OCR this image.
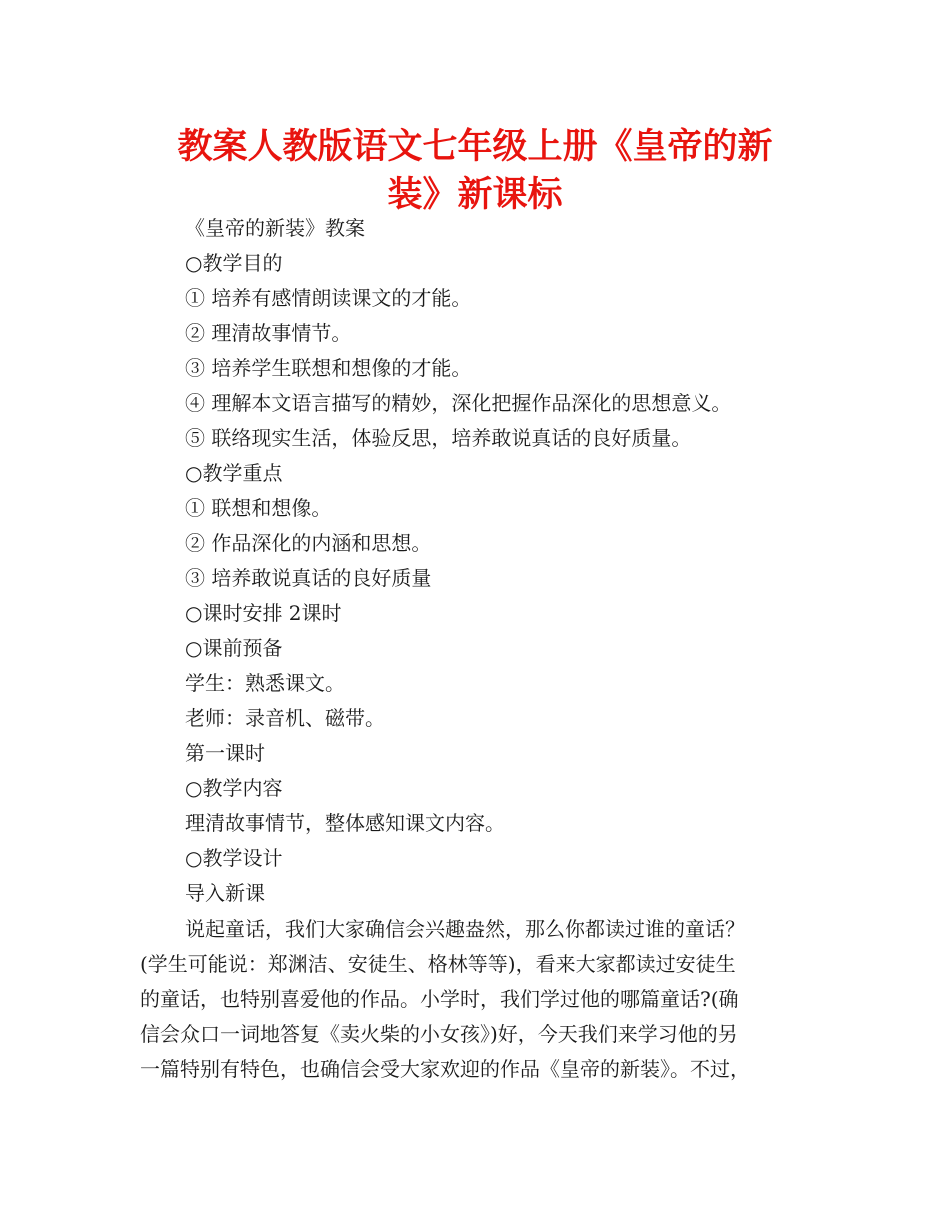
教案人教版语文七年级上册《皇帝的新
装》新课标

《皇帝的新装》教案

○教学目的

① 培养有感情朗读课文的才能。

② 理清故事情节。

③ 培养学生联想和想像的才能。

④ 理解本文语言描写的精妙，深化把握作品深化的思想意义。

⑤ 联络现实生活，体验反思，培养敢说真话的良好质量。

○教学重点

① 联想和想像。

② 作品深化的内涵和思想。

③ 培养敢说真话的良好质量

○课时安排 2课时

○课前预备

学生：熟悉课文。

老师：录音机、磁带。

第一课时

○教学内容

理清故事情节，整体感知课文内容。

○教学设计

导入新课

说起童话，我们大家确信会兴趣盎然，那么你都读过谁的童话？
(学生可能说：郑渊洁、安徒生、格林等等)，看来大家都读过安徒生
的童话，也特别喜爱他的作品。小学时，我们学过他的哪篇童话?(确
信会众口一词地答复《卖火柴的小女孩》)好，今天我们来学习他的另
一篇特别有特色，也确信会受大家欢迎的作品《皇帝的新装》。不过，
